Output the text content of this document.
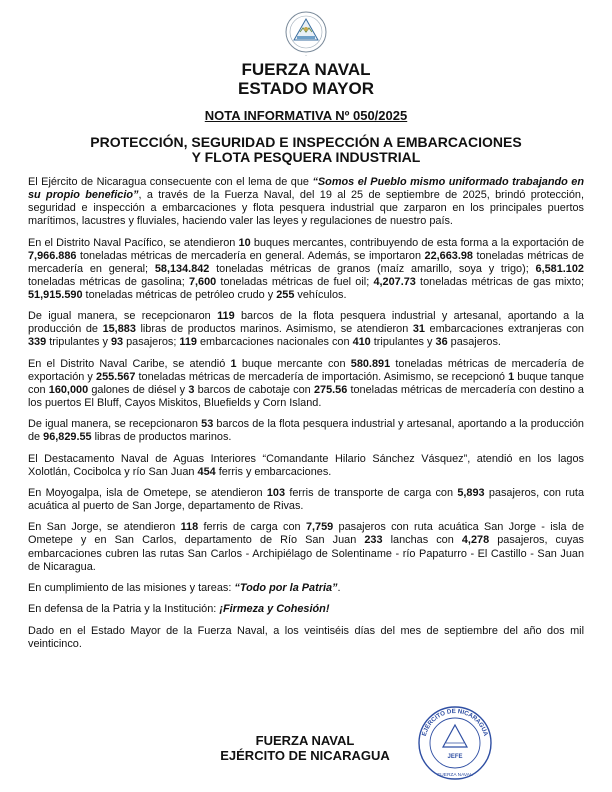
~
FUERZA NAVAL
ESTADO MAYOR
NOTA INFORMATIVA Nº 050/2025
PROTECCIÓN, SEGURIDAD E INSPECCIÓN A EMBARCACIONES
Y FLOTA PESQUERA INDUSTRIAL

El Ejército de Nicaragua consecuente con el lema de que “Somos el Pueblo mismo uniformado trabajando en su propio beneficio”, a través de la Fuerza Naval, del 19 al 25 de septiembre de 2025, brindó protección, seguridad e inspección a embarcaciones y flota pesquera industrial que zarparon en los principales puertos marítimos, lacustres y fluviales, haciendo valer las leyes y regulaciones de nuestro país.

En el Distrito Naval Pacífico, se atendieron 10 buques mercantes, contribuyendo de esta forma a la exportación de 7,966.886 toneladas métricas de mercadería en general. Además, se importaron 22,663.98 toneladas métricas de mercadería en general; 58,134.842 toneladas métricas de granos (maíz amarillo, soya y trigo); 6,581.102 toneladas métricas de gasolina; 7,600 toneladas métricas de fuel oil; 4,207.73 toneladas métricas de gas mixto; 51,915.590 toneladas métricas de petróleo crudo y 255 vehículos.

De igual manera, se recepcionaron 119 barcos de la flota pesquera industrial y artesanal, aportando a la producción de 15,883 libras de productos marinos. Asimismo, se atendieron 31 embarcaciones extranjeras con 339 tripulantes y 93 pasajeros; 119 embarcaciones nacionales con 410 tripulantes y 36 pasajeros.

En el Distrito Naval Caribe, se atendió 1 buque mercante con 580.891 toneladas métricas de mercadería de exportación y 255.567 toneladas métricas de mercadería de importación. Asimismo, se recepcionó 1 buque tanque con 160,000 galones de diésel y 3 barcos de cabotaje con 275.56 toneladas métricas de mercadería con destino a los puertos El Bluff, Cayos Miskitos, Bluefields y Corn Island.

De igual manera, se recepcionaron 53 barcos de la flota pesquera industrial y artesanal, aportando a la producción de 96,829.55 libras de productos marinos.

El Destacamento Naval de Aguas Interiores “Comandante Hilario Sánchez Vásquez”, atendió en los lagos Xolotlán, Cocibolca y río San Juan 454 ferris y embarcaciones.

En Moyogalpa, isla de Ometepe, se atendieron 103 ferris de transporte de carga con 5,893 pasajeros, con ruta acuática al puerto de San Jorge, departamento de Rivas.

En San Jorge, se atendieron 118 ferris de carga con 7,759 pasajeros con ruta acuática San Jorge - isla de Ometepe y en San Carlos, departamento de Río San Juan 233 lanchas con 4,278 pasajeros, cuyas embarcaciones cubren las rutas San Carlos - Archipiélago de Solentiname - río Papaturro - El Castillo - San Juan de Nicaragua.

En cumplimiento de las misiones y tareas: “Todo por la Patria”.

En defensa de la Patria y la Institución: ¡Firmeza y Cohesión!

Dado en el Estado Mayor de la Fuerza Naval, a los veintiséis días del mes de septiembre del año dos mil veinticinco.

FUERZA NAVAL
EJÉRCITO DE NICARAGUA
EJÉRCITO DE NICARAGUA
JEFE
FUERZA NAVAL
